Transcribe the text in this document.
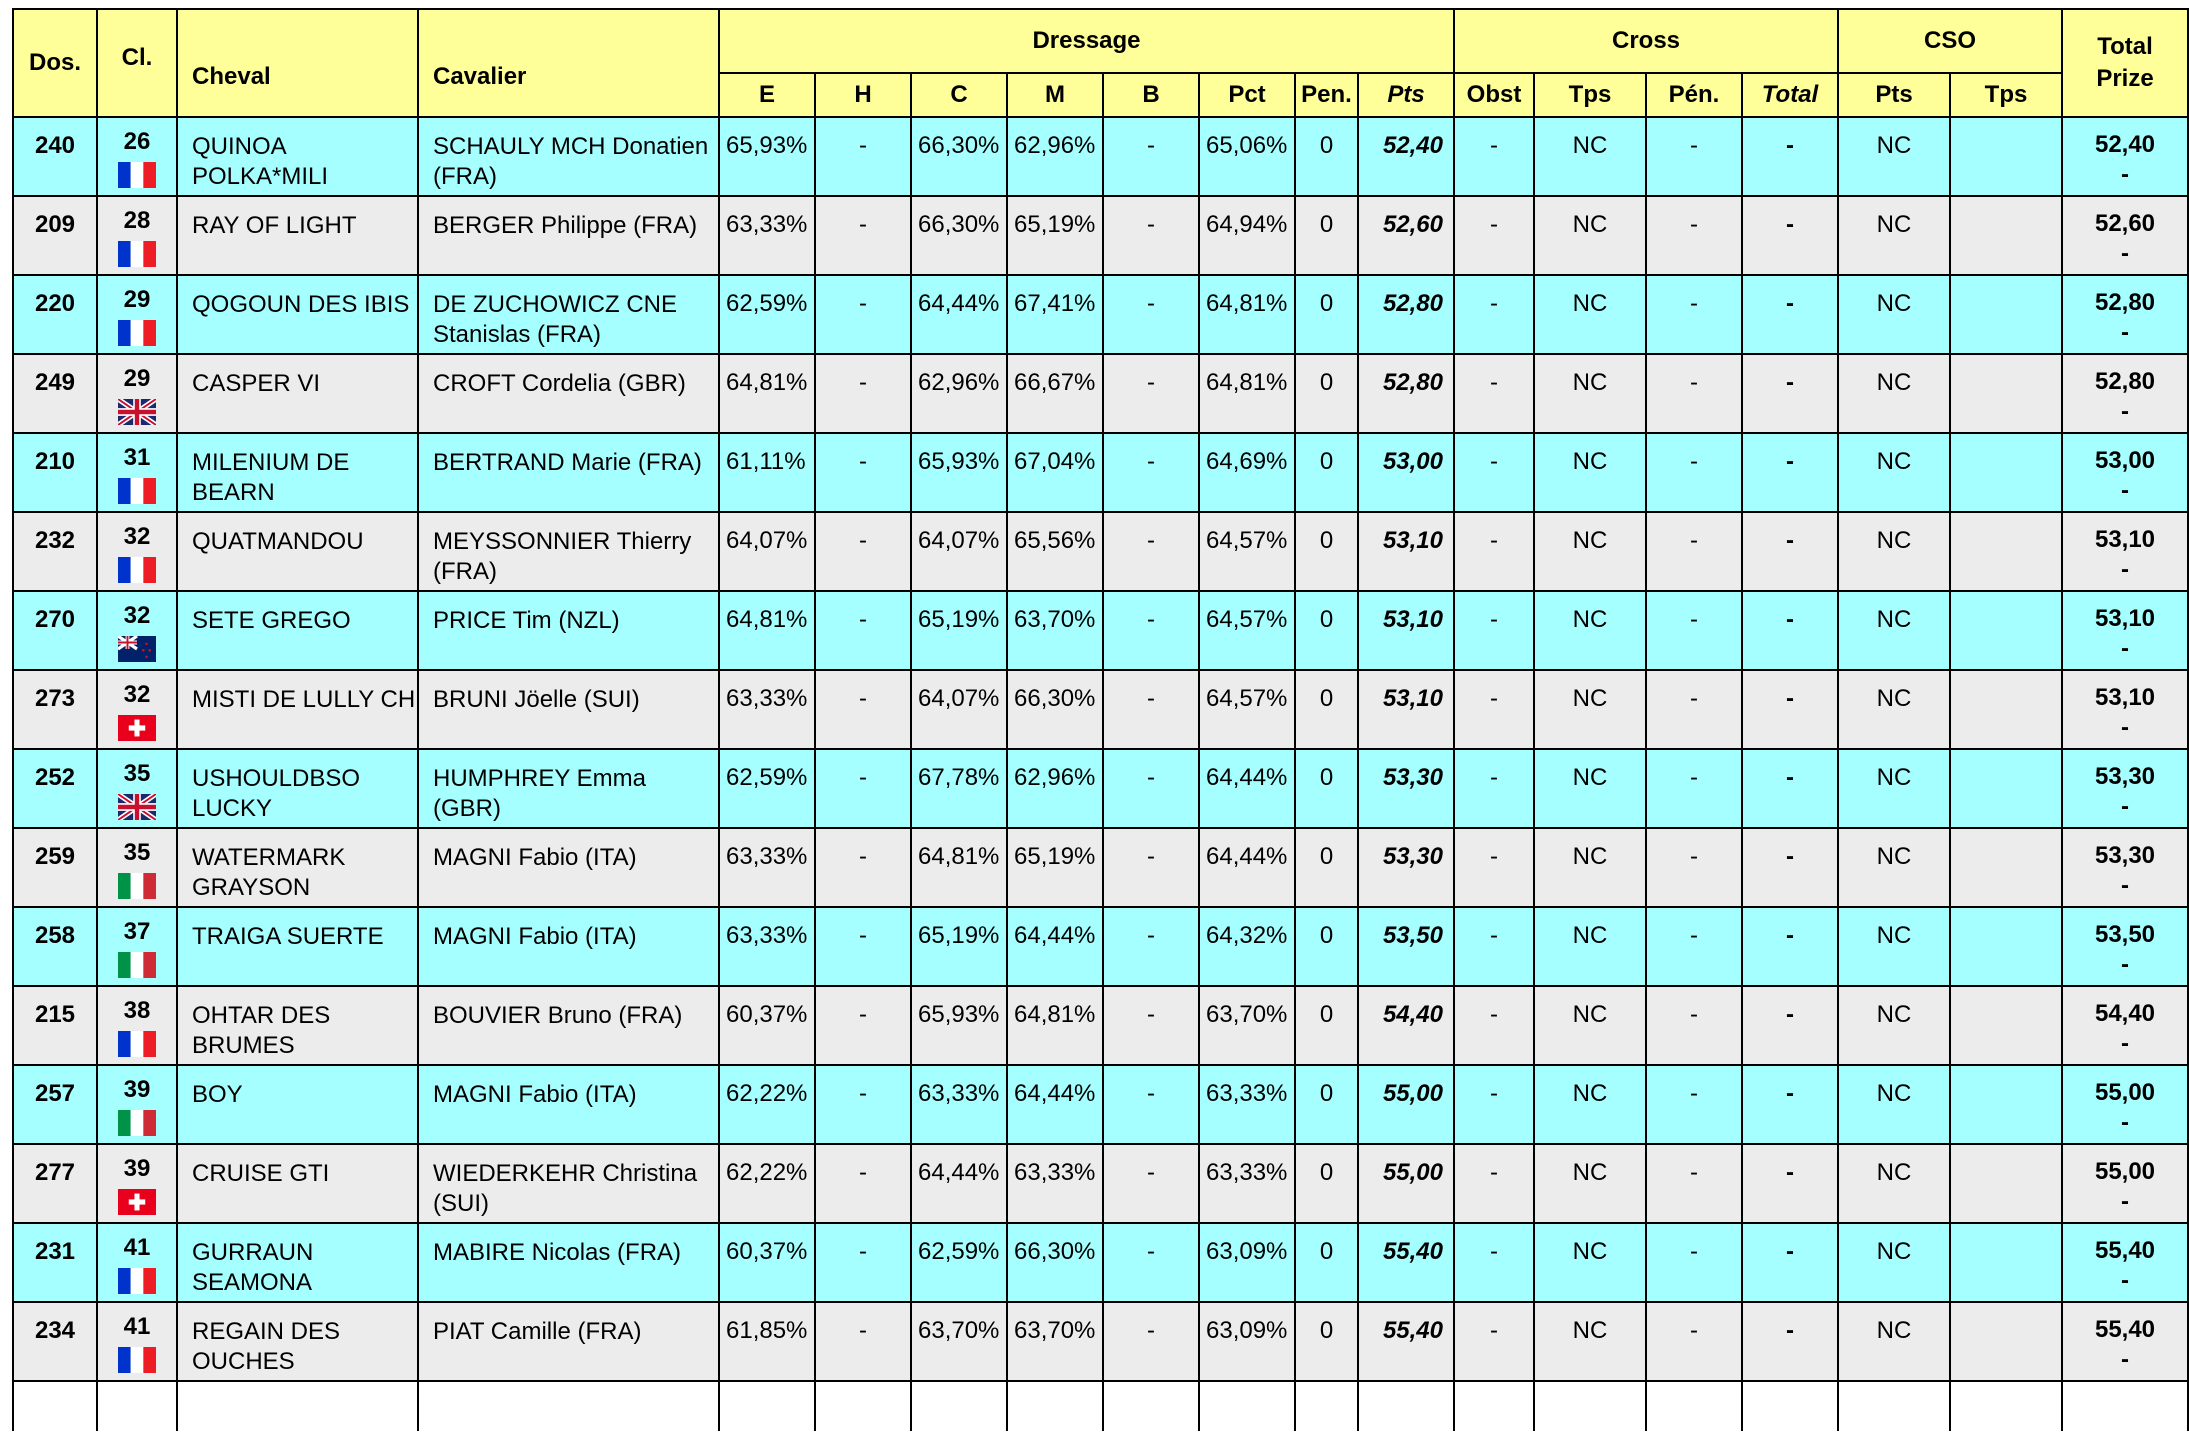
Dos.	Cl.	Cheval	Cavalier	Dressage								Cross				CSO		Total
Prize
				E	H	C	M	B	Pct	Pen.	Pts	Obst	Tps	Pén.	Total	Pts	Tps	
240	26	QUINOA POLKA*MILI	SCHAULY MCH Donatien (FRA)	65,93%	-	66,30%	62,96%	-	65,06%	0	52,40	-	NC	-	-	NC		52,40
-

209	28	RAY OF LIGHT	BERGER Philippe (FRA)	63,33%	-	66,30%	65,19%	-	64,94%	0	52,60	-	NC	-	-	NC		52,60
-

220	29	QOGOUN DES IBIS	DE ZUCHOWICZ CNE Stanislas (FRA)	62,59%	-	64,44%	67,41%	-	64,81%	0	52,80	-	NC	-	-	NC		52,80
-

249	29	CASPER VI	CROFT Cordelia (GBR)	64,81%	-	62,96%	66,67%	-	64,81%	0	52,80	-	NC	-	-	NC		52,80
-

210	31	MILENIUM DE BEARN	BERTRAND Marie (FRA)	61,11%	-	65,93%	67,04%	-	64,69%	0	53,00	-	NC	-	-	NC		53,00
-

232	32	QUATMANDOU	MEYSSONNIER Thierry (FRA)	64,07%	-	64,07%	65,56%	-	64,57%	0	53,10	-	NC	-	-	NC		53,10
-

270	32	SETE GREGO	PRICE Tim (NZL)	64,81%	-	65,19%	63,70%	-	64,57%	0	53,10	-	NC	-	-	NC		53,10
-

273	32	MISTI DE LULLY CH	BRUNI Jöelle (SUI)	63,33%	-	64,07%	66,30%	-	64,57%	0	53,10	-	NC	-	-	NC		53,10
-

252	35	USHOULDBSO LUCKY	HUMPHREY Emma (GBR)	62,59%	-	67,78%	62,96%	-	64,44%	0	53,30	-	NC	-	-	NC		53,30
-

259	35	WATERMARK GRAYSON	MAGNI Fabio (ITA)	63,33%	-	64,81%	65,19%	-	64,44%	0	53,30	-	NC	-	-	NC		53,30
-

258	37	TRAIGA SUERTE	MAGNI Fabio (ITA)	63,33%	-	65,19%	64,44%	-	64,32%	0	53,50	-	NC	-	-	NC		53,50
-

215	38	OHTAR DES BRUMES	BOUVIER Bruno (FRA)	60,37%	-	65,93%	64,81%	-	63,70%	0	54,40	-	NC	-	-	NC		54,40
-

257	39	BOY	MAGNI Fabio (ITA)	62,22%	-	63,33%	64,44%	-	63,33%	0	55,00	-	NC	-	-	NC		55,00
-

277	39	CRUISE GTI	WIEDERKEHR Christina (SUI)	62,22%	-	64,44%	63,33%	-	63,33%	0	55,00	-	NC	-	-	NC		55,00
-

231	41	GURRAUN SEAMONA	MABIRE Nicolas (FRA)	60,37%	-	62,59%	66,30%	-	63,09%	0	55,40	-	NC	-	-	NC		55,40
-

234	41	REGAIN DES OUCHES	PIAT Camille (FRA)	61,85%	-	63,70%	63,70%	-	63,09%	0	55,40	-	NC	-	-	NC		55,40
-
